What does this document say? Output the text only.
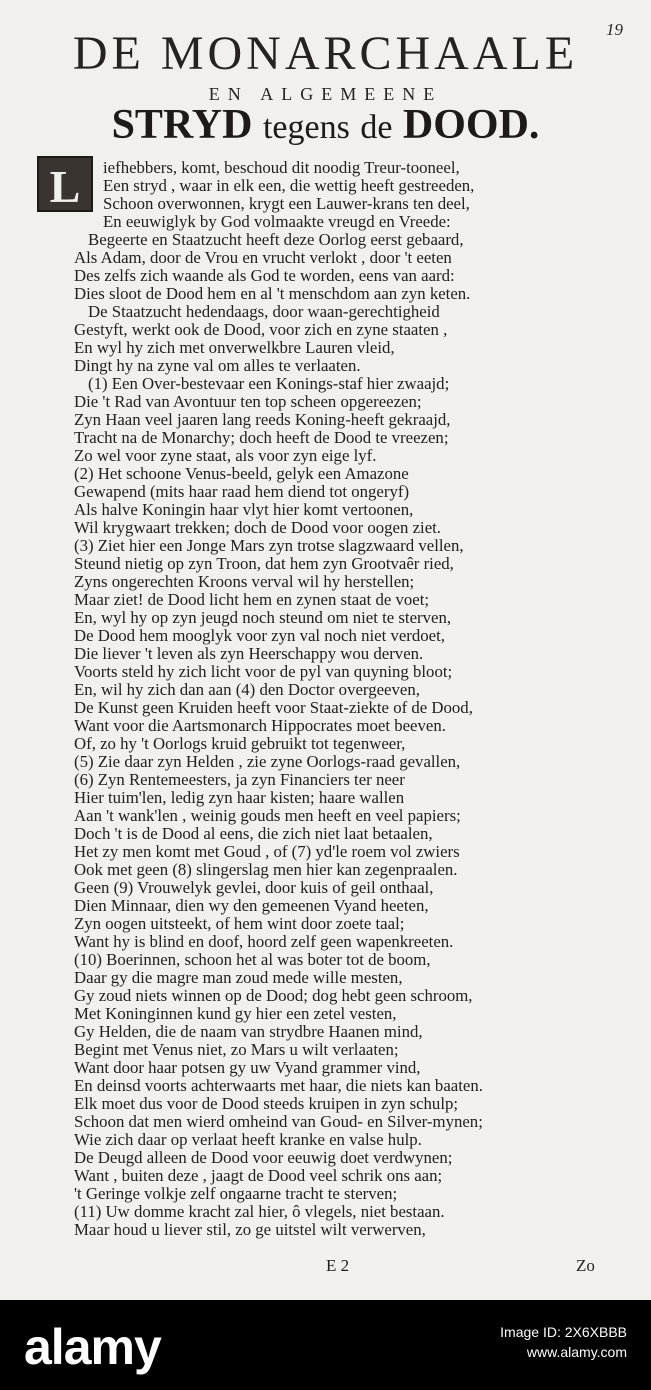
19
DE MONARCHAALE
EN ALGEMEENE
STRYD tegens de DOOD.
L	iefhebbers, komt, beschoud dit noodig Treur-tooneel,
Een stryd , waar in elk een, die wettig heeft gestreeden,
Schoon overwonnen, krygt een Lauwer-krans ten deel,
En eeuwiglyk by God volmaakte vreugd en Vreede:
Begeerte en Staatzucht heeft deze Oorlog eerst gebaard,
Als Adam, door de Vrou en vrucht verlokt , door 't eeten
Des zelfs zich waande als God te worden, eens van aard:
Dies sloot de Dood hem en al 't menschdom aan zyn keten.
De Staatzucht hedendaags, door waan-gerechtigheid
Gestyft, werkt ook de Dood, voor zich en zyne staaten ,
En wyl hy zich met onverwelkbre Lauren vleid,
Dingt hy na zyne val om alles te verlaaten.
(1) Een Over-bestevaar een Konings-staf hier zwaajd;
Die 't Rad van Avontuur ten top scheen opgereezen;
Zyn Haan veel jaaren lang reeds Koning-heeft gekraajd,
Tracht na de Monarchy; doch heeft de Dood te vreezen;
Zo wel voor zyne staat, als voor zyn eige lyf.
(2) Het schoone Venus-beeld, gelyk een Amazone
Gewapend (mits haar raad hem diend tot ongeryf)
Als halve Koningin haar vlyt hier komt vertoonen,
Wil krygwaart trekken; doch de Dood voor oogen ziet.
(3) Ziet hier een Jonge Mars zyn trotse slagzwaard vellen,
Steund nietig op zyn Troon, dat hem zyn Grootvaêr ried,
Zyns ongerechten Kroons verval wil hy herstellen;
Maar ziet! de Dood licht hem en zynen staat de voet;
En, wyl hy op zyn jeugd noch steund om niet te sterven,
De Dood hem mooglyk voor zyn val noch niet verdoet,
Die liever 't leven als zyn Heerschappy wou derven.
Voorts steld hy zich licht voor de pyl van quyning bloot;
En, wil hy zich dan aan (4) den Doctor overgeeven,
De Kunst geen Kruiden heeft voor Staat-ziekte of de Dood,
Want voor die Aartsmonarch Hippocrates moet beeven.
Of, zo hy 't Oorlogs kruid gebruikt tot tegenweer,
(5) Zie daar zyn Helden , zie zyne Oorlogs-raad gevallen,
(6) Zyn Rentemeesters, ja zyn Financiers ter neer
Hier tuim'len, ledig zyn haar kisten; haare wallen
Aan 't wank'len , weinig gouds men heeft en veel papiers;
Doch 't is de Dood al eens, die zich niet laat betaalen,
Het zy men komt met Goud , of (7) yd'le roem vol zwiers
Ook met geen (8) slingerslag men hier kan zegenpraalen.
Geen (9) Vrouwelyk gevlei, door kuis of geil onthaal,
Dien Minnaar, dien wy den gemeenen Vyand heeten,
Zyn oogen uitsteekt, of hem wint door zoete taal;
Want hy is blind en doof, hoord zelf geen wapenkreeten.
(10) Boerinnen, schoon het al was boter tot de boom,
Daar gy die magre man zoud mede wille mesten,
Gy zoud niets winnen op de Dood; dog hebt geen schroom,
Met Koninginnen kund gy hier een zetel vesten,
Gy Helden, die de naam van strydbre Haanen mind,
Begint met Venus niet, zo Mars u wilt verlaaten;
Want door haar potsen gy uw Vyand grammer vind,
En deinsd voorts achterwaarts met haar, die niets kan baaten.
Elk moet dus voor de Dood steeds kruipen in zyn schulp;
Schoon dat men wierd omheind van Goud- en Silver-mynen;
Wie zich daar op verlaat heeft kranke en valse hulp.
De Deugd alleen de Dood voor eeuwig doet verdwynen;
Want , buiten deze , jaagt de Dood veel schrik ons aan;
't Geringe volkje zelf ongaarne tracht te sterven;
(11) Uw domme kracht zal hier, ô vlegels, niet bestaan.
Maar houd u liever stil, zo ge uitstel wilt verwerven,
E 2	Zo
alamy	Image ID: 2X6XBBB
www.alamy.com
